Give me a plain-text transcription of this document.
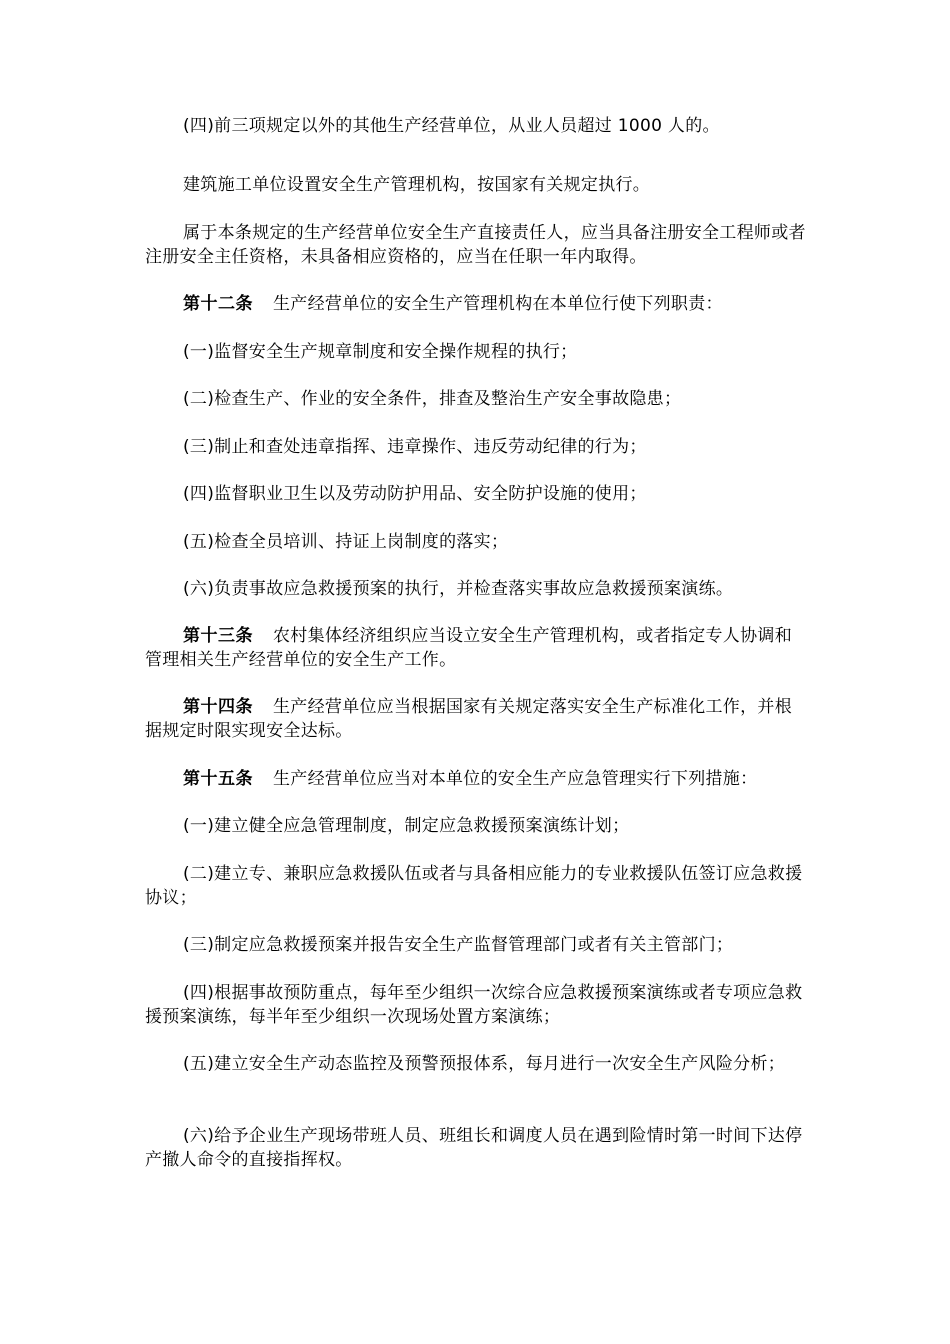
(四)前三项规定以外的其他生产经营单位，从业人员超过 1000 人的。

建筑施工单位设置安全生产管理机构，按国家有关规定执行。

属于本条规定的生产经营单位安全生产直接责任人，应当具备注册安全工程师或者注册安全主任资格，未具备相应资格的，应当在任职一年内取得。

第十二条 生产经营单位的安全生产管理机构在本单位行使下列职责：

(一)监督安全生产规章制度和安全操作规程的执行；

(二)检查生产、作业的安全条件，排查及整治生产安全事故隐患；

(三)制止和查处违章指挥、违章操作、违反劳动纪律的行为；

(四)监督职业卫生以及劳动防护用品、安全防护设施的使用；

(五)检查全员培训、持证上岗制度的落实；

(六)负责事故应急救援预案的执行，并检查落实事故应急救援预案演练。

第十三条 农村集体经济组织应当设立安全生产管理机构，或者指定专人协调和管理相关生产经营单位的安全生产工作。

第十四条 生产经营单位应当根据国家有关规定落实安全生产标准化工作，并根据规定时限实现安全达标。

第十五条 生产经营单位应当对本单位的安全生产应急管理实行下列措施：

(一)建立健全应急管理制度，制定应急救援预案演练计划；

(二)建立专、兼职应急救援队伍或者与具备相应能力的专业救援队伍签订应急救援协议；

(三)制定应急救援预案并报告安全生产监督管理部门或者有关主管部门；

(四)根据事故预防重点，每年至少组织一次综合应急救援预案演练或者专项应急救援预案演练，每半年至少组织一次现场处置方案演练；

(五)建立安全生产动态监控及预警预报体系，每月进行一次安全生产风险分析；

(六)给予企业生产现场带班人员、班组长和调度人员在遇到险情时第一时间下达停产撤人命令的直接指挥权。
